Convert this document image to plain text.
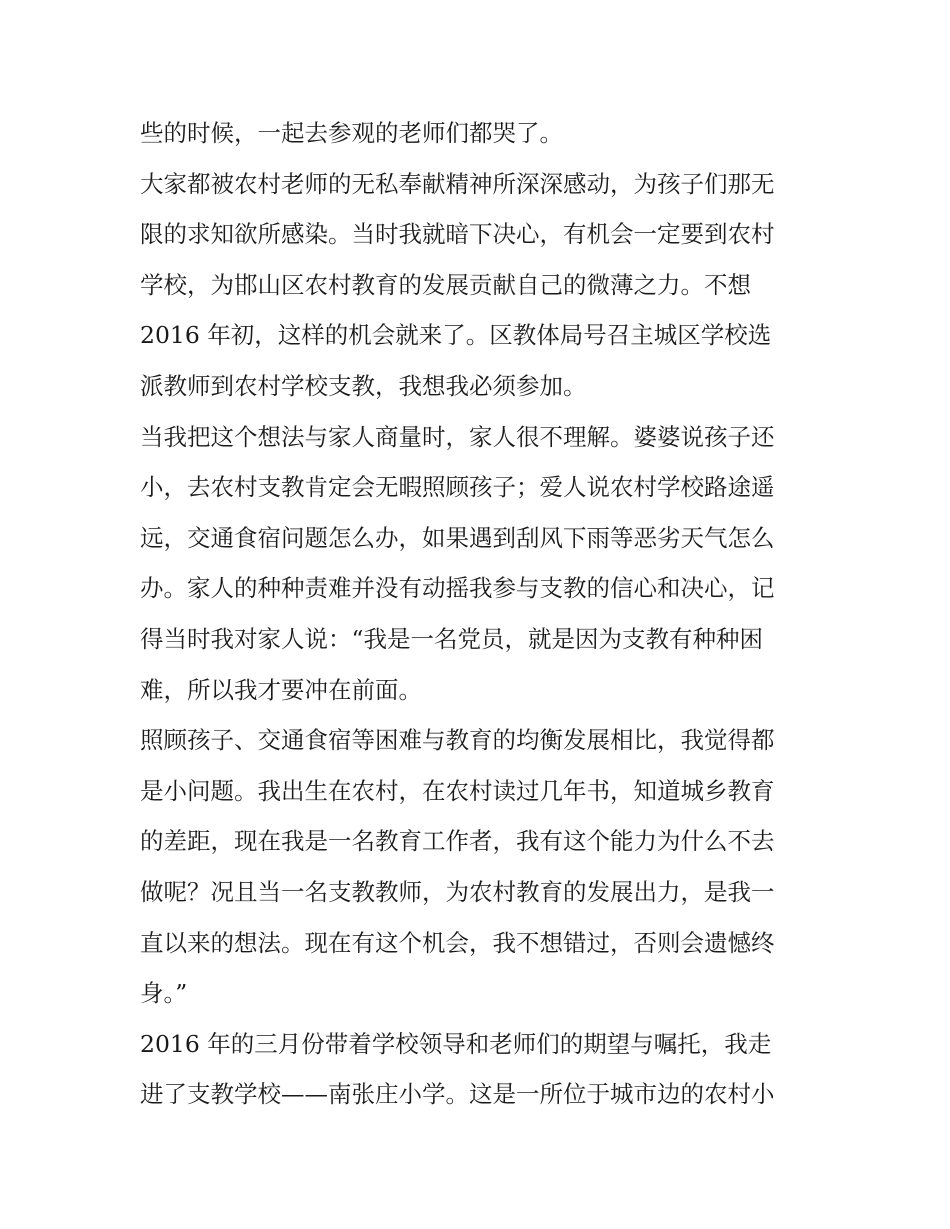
些的时候，一起去参观的老师们都哭了。
大家都被农村老师的无私奉献精神所深深感动，为孩子们那无
限的求知欲所感染。当时我就暗下决心，有机会一定要到农村
学校，为邯山区农村教育的发展贡献自己的微薄之力。不想
2016 年初，这样的机会就来了。区教体局号召主城区学校选
派教师到农村学校支教，我想我必须参加。
当我把这个想法与家人商量时，家人很不理解。婆婆说孩子还
小，去农村支教肯定会无暇照顾孩子；爱人说农村学校路途遥
远，交通食宿问题怎么办，如果遇到刮风下雨等恶劣天气怎么
办。家人的种种责难并没有动摇我参与支教的信心和决心，记
得当时我对家人说：“我是一名党员，就是因为支教有种种困
难，所以我才要冲在前面。
照顾孩子、交通食宿等困难与教育的均衡发展相比，我觉得都
是小问题。我出生在农村，在农村读过几年书，知道城乡教育
的差距，现在我是一名教育工作者，我有这个能力为什么不去
做呢？况且当一名支教教师，为农村教育的发展出力，是我一
直以来的想法。现在有这个机会，我不想错过，否则会遗憾终
身。”
2016 年的三月份带着学校领导和老师们的期望与嘱托，我走
进了支教学校——南张庄小学。这是一所位于城市边的农村小
